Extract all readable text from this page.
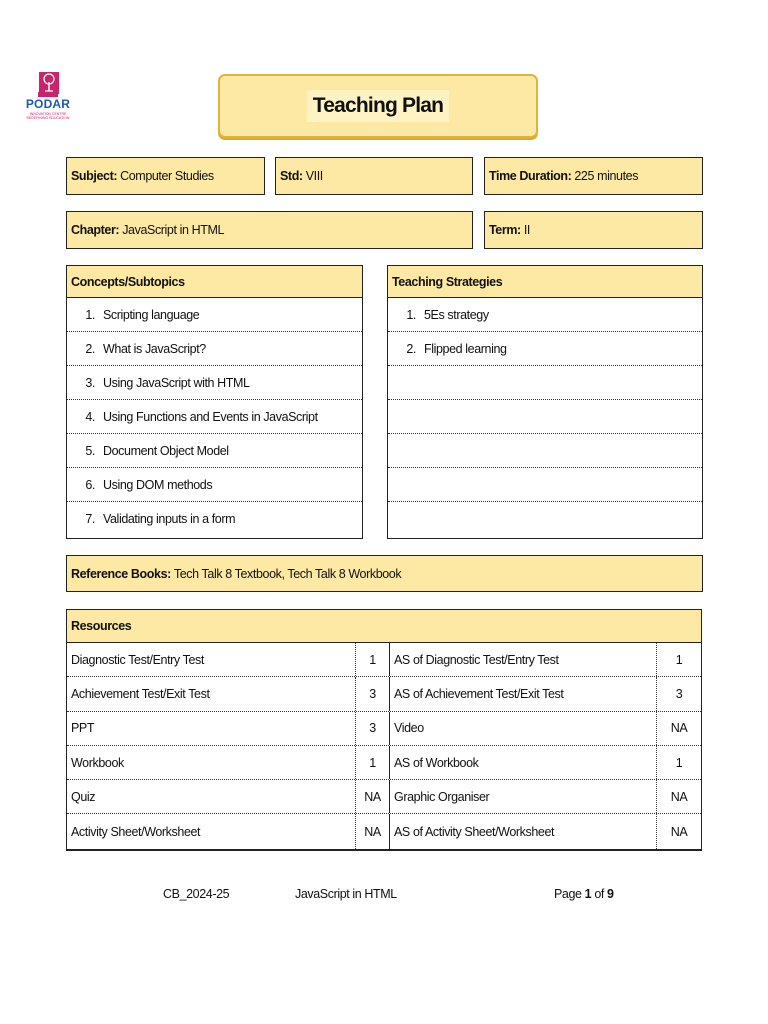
PODAR
INNOVATION CENTRE
REDEFINING EDUCATION
Teaching Plan
Subject: Computer Studies	Std: VIII	Time Duration: 225 minutes
Chapter: JavaScript in HTML	Term: II
Concepts/Subtopics
1. Scripting language
2. What is JavaScript?
3. Using JavaScript with HTML
4. Using Functions and Events in JavaScript
5. Document Object Model
6. Using DOM methods
7. Validating inputs in a form
Teaching Strategies
1. 5Es strategy
2. Flipped learning
Reference Books: Tech Talk 8 Textbook, Tech Talk 8 Workbook
Resources
Diagnostic Test/Entry Test	1	AS of Diagnostic Test/Entry Test	1
Achievement Test/Exit Test	3	AS of Achievement Test/Exit Test	3
PPT	3	Video	NA
Workbook	1	AS of Workbook	1
Quiz	NA	Graphic Organiser	NA
Activity Sheet/Worksheet	NA	AS of Activity Sheet/Worksheet	NA
CB_2024-25	JavaScript in HTML	Page 1 of 9
